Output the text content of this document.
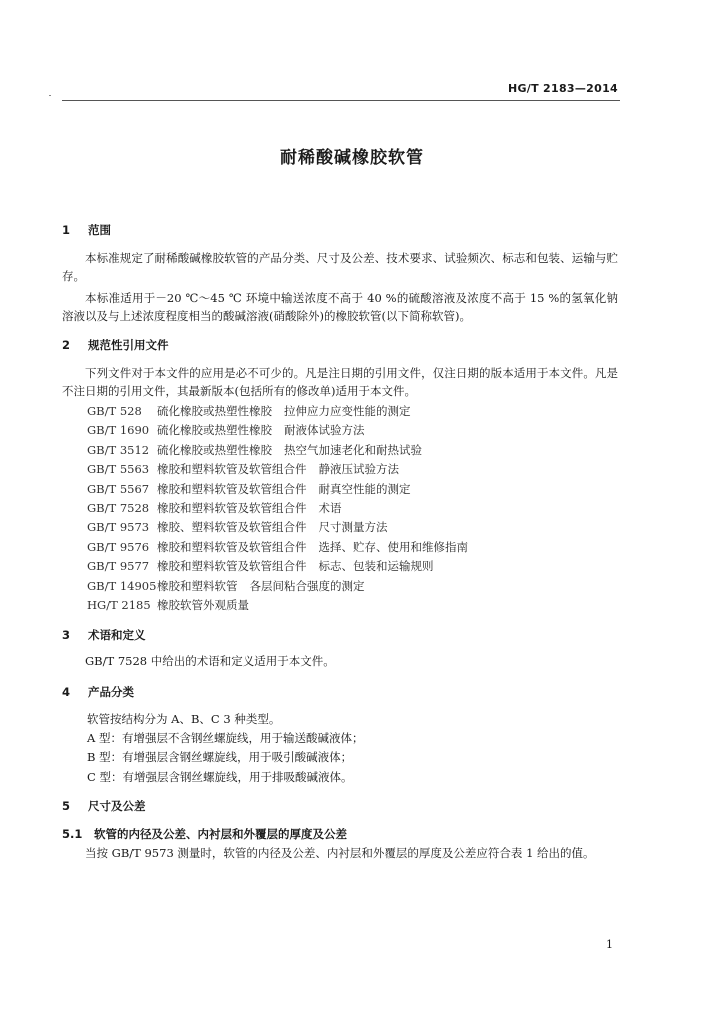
HG/T 2183—2014
耐稀酸碱橡胶软管
1 范围

本标准规定了耐稀酸碱橡胶软管的产品分类、尺寸及公差、技术要求、试验频次、标志和包装、运输与贮存。

本标准适用于－20 ℃～45 ℃ 环境中输送浓度不高于 40 %的硫酸溶液及浓度不高于 15 %的氢氧化钠溶液以及与上述浓度程度相当的酸碱溶液(硝酸除外)的橡胶软管(以下简称软管)。

2 规范性引用文件

下列文件对于本文件的应用是必不可少的。凡是注日期的引用文件，仅注日期的版本适用于本文件。凡是不注日期的引用文件，其最新版本(包括所有的修改单)适用于本文件。

GB/T 528 硫化橡胶或热塑性橡胶 拉伸应力应变性能的测定
GB/T 1690 硫化橡胶或热塑性橡胶 耐液体试验方法
GB/T 3512 硫化橡胶或热塑性橡胶 热空气加速老化和耐热试验
GB/T 5563 橡胶和塑料软管及软管组合件 静液压试验方法
GB/T 5567 橡胶和塑料软管及软管组合件 耐真空性能的测定
GB/T 7528 橡胶和塑料软管及软管组合件 术语
GB/T 9573 橡胶、塑料软管及软管组合件 尺寸测量方法
GB/T 9576 橡胶和塑料软管及软管组合件 选择、贮存、使用和维修指南
GB/T 9577 橡胶和塑料软管及软管组合件 标志、包装和运输规则
GB/T 14905橡胶和塑料软管 各层间粘合强度的测定
HG/T 2185 橡胶软管外观质量
3 术语和定义

GB/T 7528 中给出的术语和定义适用于本文件。

4 产品分类
软管按结构分为 A、B、C 3 种类型。
A 型：有增强层不含钢丝螺旋线，用于输送酸碱液体；
B 型：有增强层含钢丝螺旋线，用于吸引酸碱液体；
C 型：有增强层含钢丝螺旋线，用于排吸酸碱液体。
5 尺寸及公差
5.1 软管的内径及公差、内衬层和外覆层的厚度及公差

当按 GB/T 9573 测量时，软管的内径及公差、内衬层和外覆层的厚度及公差应符合表 1 给出的值。

1
